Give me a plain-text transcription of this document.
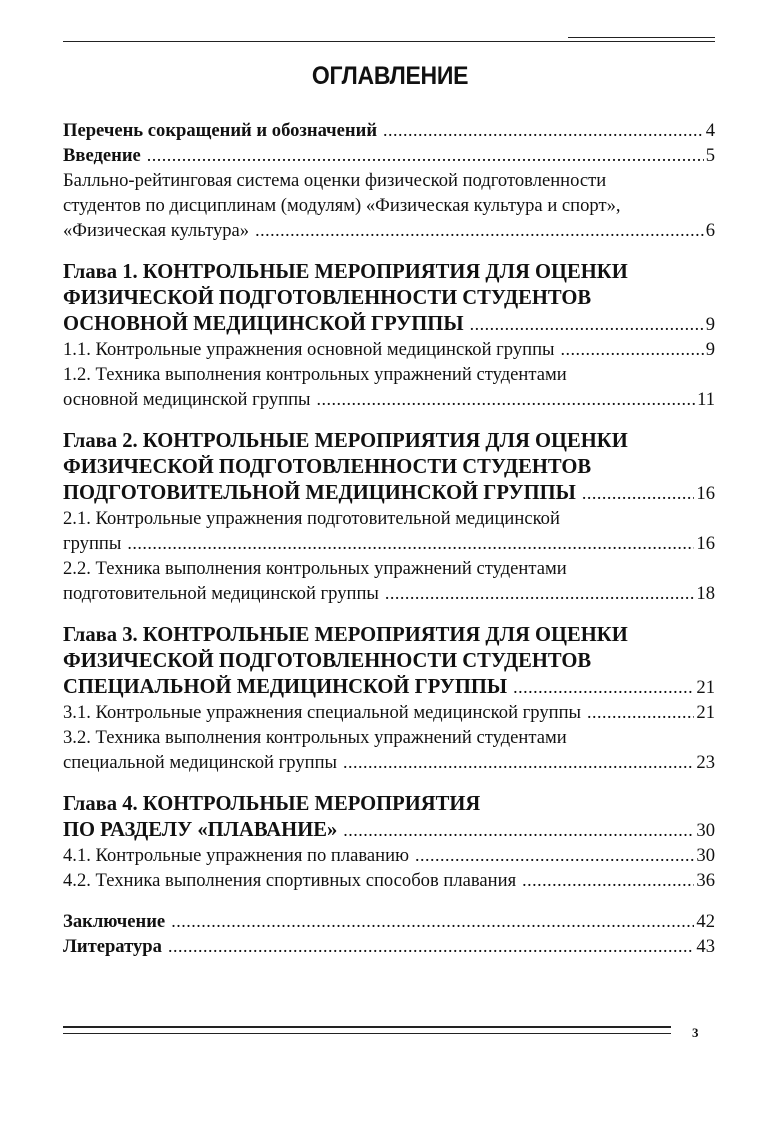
ОГЛАВЛЕНИЕ
Перечень сокращений и обозначений .....	4
Введение .....	5
Балльно-рейтинговая система оценки физической подготовленности
студентов по дисциплинам (модулям) «Физическая культура и спорт»,
«Физическая культура» .....	6
Глава 1. КОНТРОЛЬНЫЕ МЕРОПРИЯТИЯ ДЛЯ ОЦЕНКИ
ФИЗИЧЕСКОЙ ПОДГОТОВЛЕННОСТИ СТУДЕНТОВ
ОСНОВНОЙ МЕДИЦИНСКОЙ ГРУППЫ .....	9
1.1. Контрольные упражнения основной медицинской группы .....	9
1.2. Техника выполнения контрольных упражнений студентами
основной медицинской группы .....	11
Глава 2. КОНТРОЛЬНЫЕ МЕРОПРИЯТИЯ ДЛЯ ОЦЕНКИ
ФИЗИЧЕСКОЙ ПОДГОТОВЛЕННОСТИ СТУДЕНТОВ
ПОДГОТОВИТЕЛЬНОЙ МЕДИЦИНСКОЙ ГРУППЫ .....	16
2.1. Контрольные упражнения подготовительной медицинской
группы .....	16
2.2. Техника выполнения контрольных упражнений студентами
подготовительной медицинской группы .....	18
Глава 3. КОНТРОЛЬНЫЕ МЕРОПРИЯТИЯ ДЛЯ ОЦЕНКИ
ФИЗИЧЕСКОЙ ПОДГОТОВЛЕННОСТИ СТУДЕНТОВ
СПЕЦИАЛЬНОЙ МЕДИЦИНСКОЙ ГРУППЫ .....	21
3.1. Контрольные упражнения специальной медицинской группы .....	21
3.2. Техника выполнения контрольных упражнений студентами
специальной медицинской группы .....	23
Глава 4. КОНТРОЛЬНЫЕ МЕРОПРИЯТИЯ
ПО РАЗДЕЛУ «ПЛАВАНИЕ» .....	30
4.1. Контрольные упражнения по плаванию .....	30
4.2. Техника выполнения спортивных способов плавания .....	36
Заключение .....	42
Литература .....	43
3
